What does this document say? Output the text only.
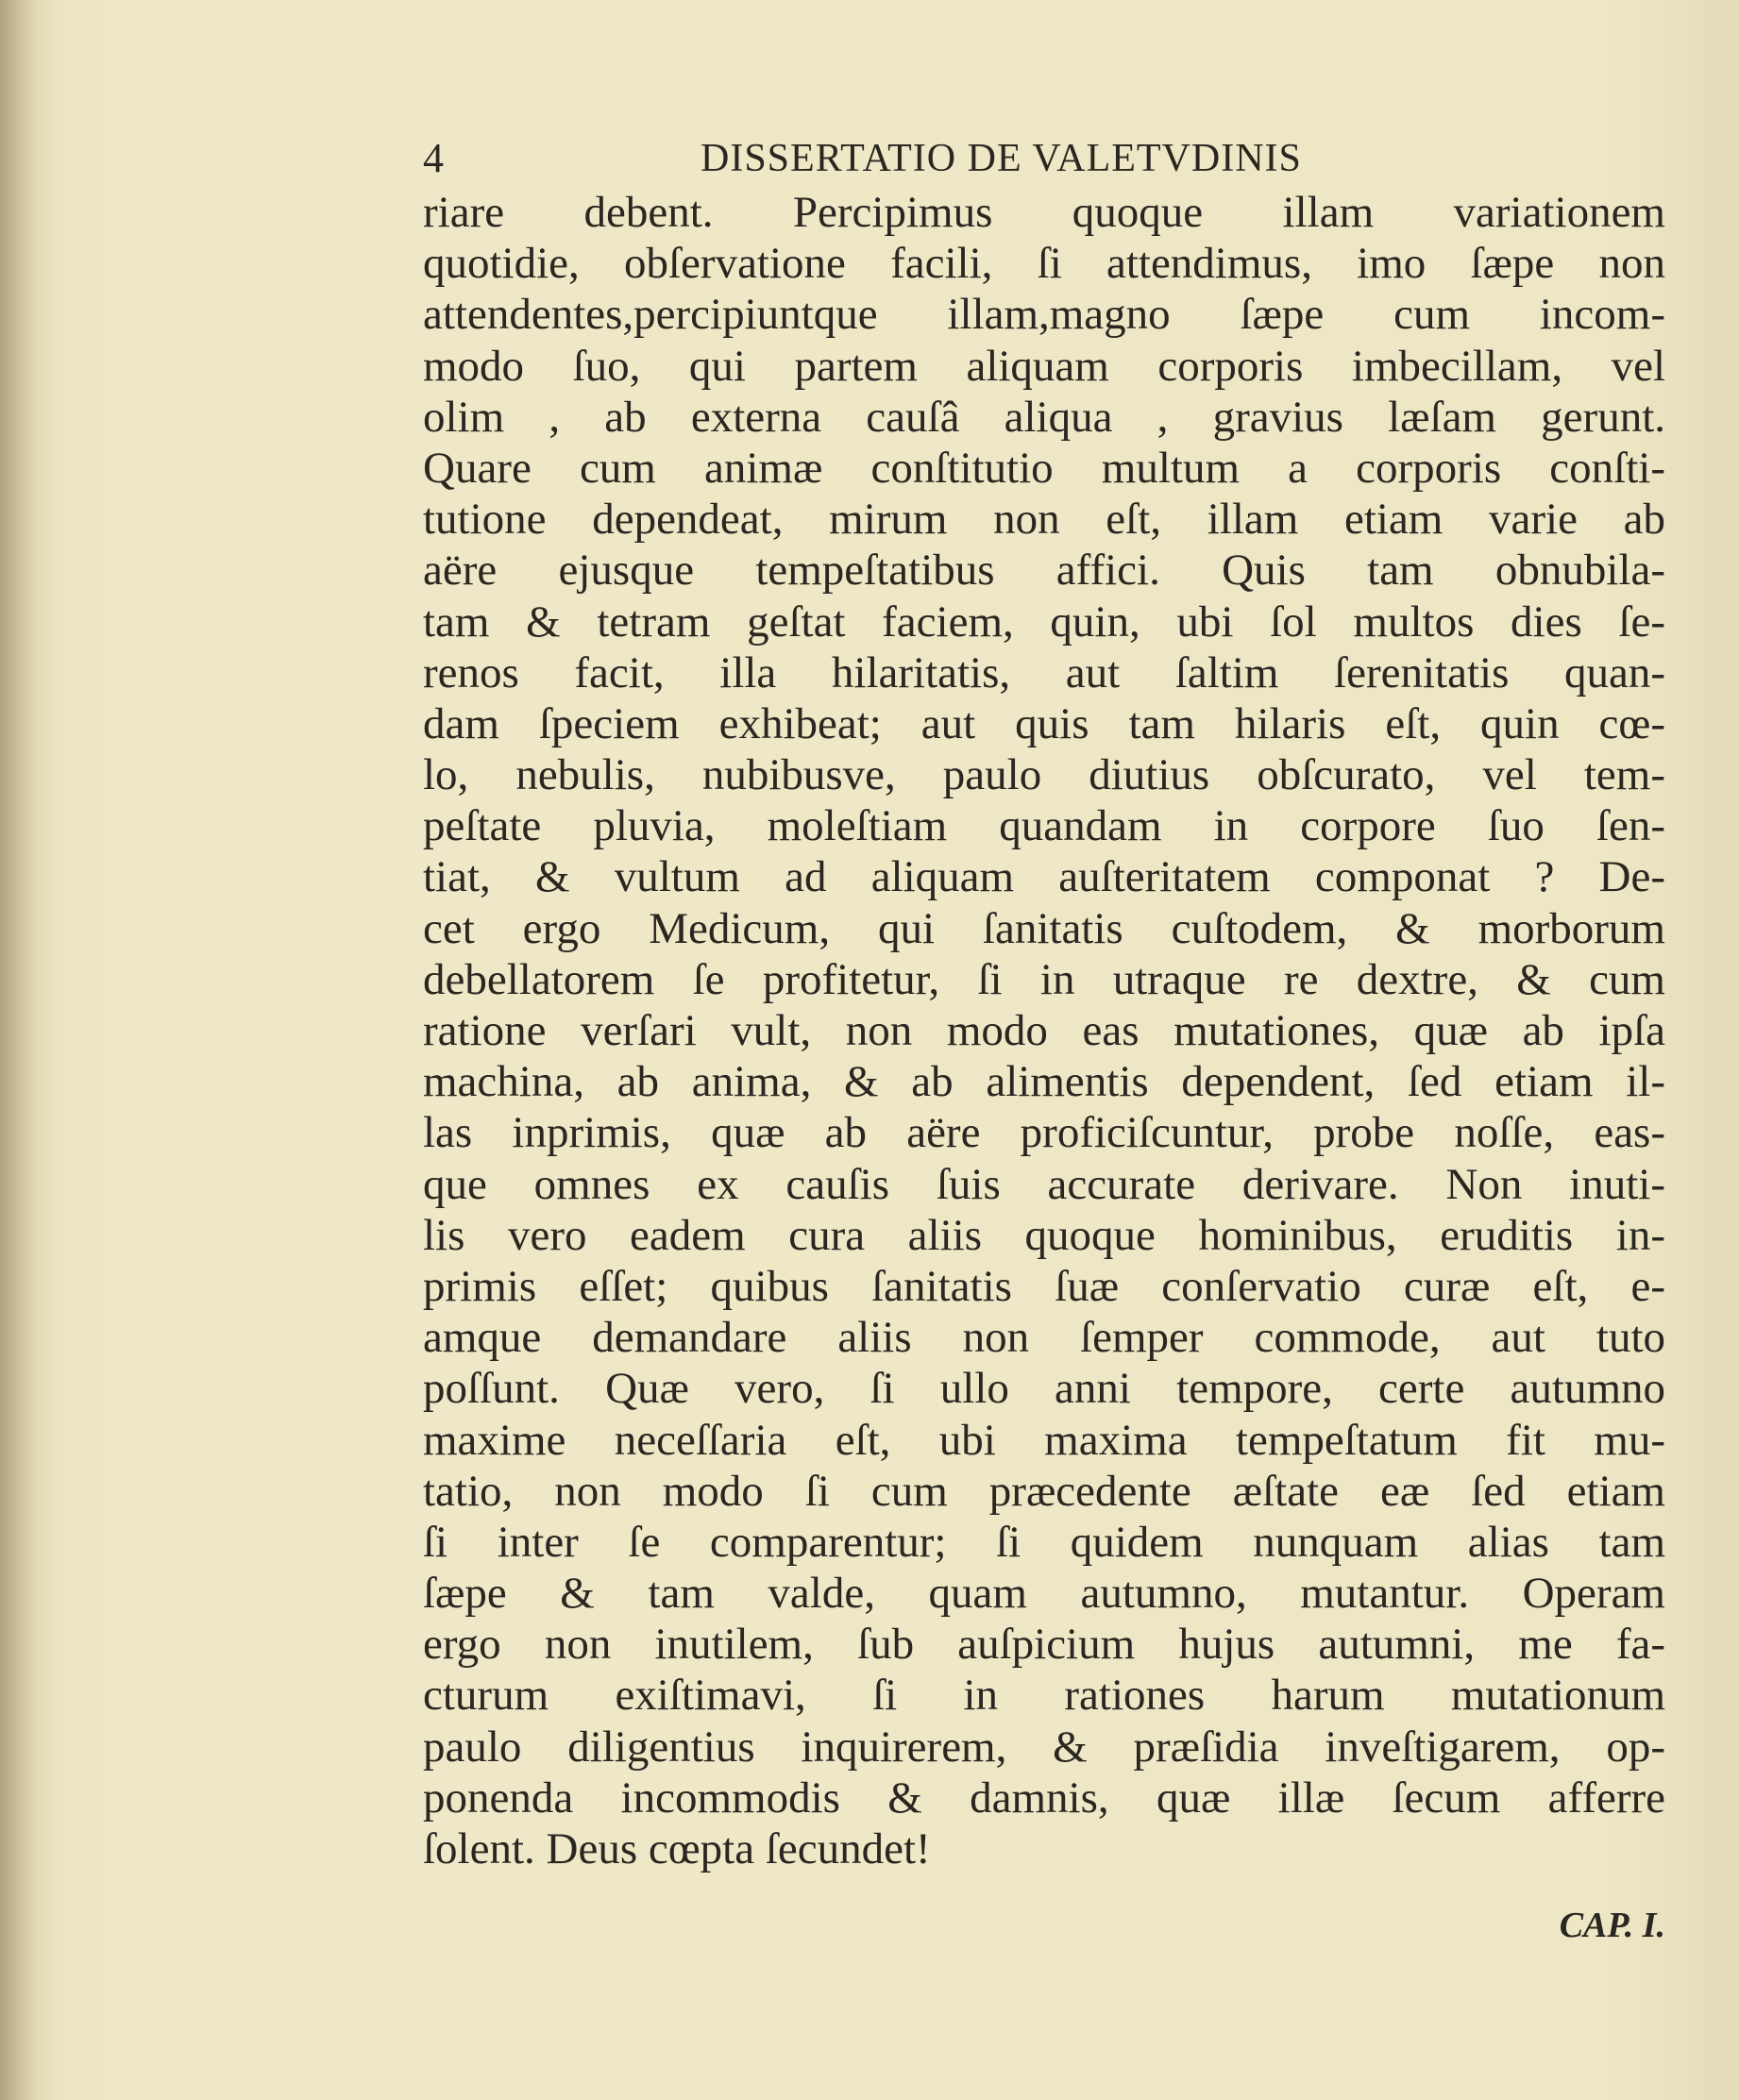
4	DISSERTATIO DE VALETVDINIS
riare debent. Percipimus quoque illam variationem
quotidie, obſervatione facili, ſi attendimus, imo ſæpe non
attendentes,percipiuntque illam,magno ſæpe cum incom-
modo ſuo, qui partem aliquam corporis imbecillam, vel
olim , ab externa cauſâ aliqua , gravius læſam gerunt.
Quare cum animæ conſtitutio multum a corporis conſti-
tutione dependeat, mirum non eſt, illam etiam varie ab
aëre ejusque tempeſtatibus affici. Quis tam obnubila-
tam & tetram geſtat faciem, quin, ubi ſol multos dies ſe-
renos facit, illa hilaritatis, aut ſaltim ſerenitatis quan-
dam ſpeciem exhibeat; aut quis tam hilaris eſt, quin cœ-
lo, nebulis, nubibusve, paulo diutius obſcurato, vel tem-
peſtate pluvia, moleſtiam quandam in corpore ſuo ſen-
tiat, & vultum ad aliquam auſteritatem componat ? De-
cet ergo Medicum, qui ſanitatis cuſtodem, & morborum
debellatorem ſe profitetur, ſi in utraque re dextre, & cum
ratione verſari vult, non modo eas mutationes, quæ ab ipſa
machina, ab anima, & ab alimentis dependent, ſed etiam il-
las inprimis, quæ ab aëre proficiſcuntur, probe noſſe, eas-
que omnes ex cauſis ſuis accurate derivare. Non inuti-
lis vero eadem cura aliis quoque hominibus, eruditis in-
primis eſſet; quibus ſanitatis ſuæ conſervatio curæ eſt, e-
amque demandare aliis non ſemper commode, aut tuto
poſſunt. Quæ vero, ſi ullo anni tempore, certe autumno
maxime neceſſaria eſt, ubi maxima tempeſtatum fit mu-
tatio, non modo ſi cum præcedente æſtate eæ ſed etiam
ſi inter ſe comparentur; ſi quidem nunquam alias tam
ſæpe & tam valde, quam autumno, mutantur. Operam
ergo non inutilem, ſub auſpicium hujus autumni, me fa-
cturum exiſtimavi, ſi in rationes harum mutationum
paulo diligentius inquirerem, & præſidia inveſtigarem, op-
ponenda incommodis & damnis, quæ illæ ſecum afferre
ſolent. Deus cœpta ſecundet!
CAP. I.
